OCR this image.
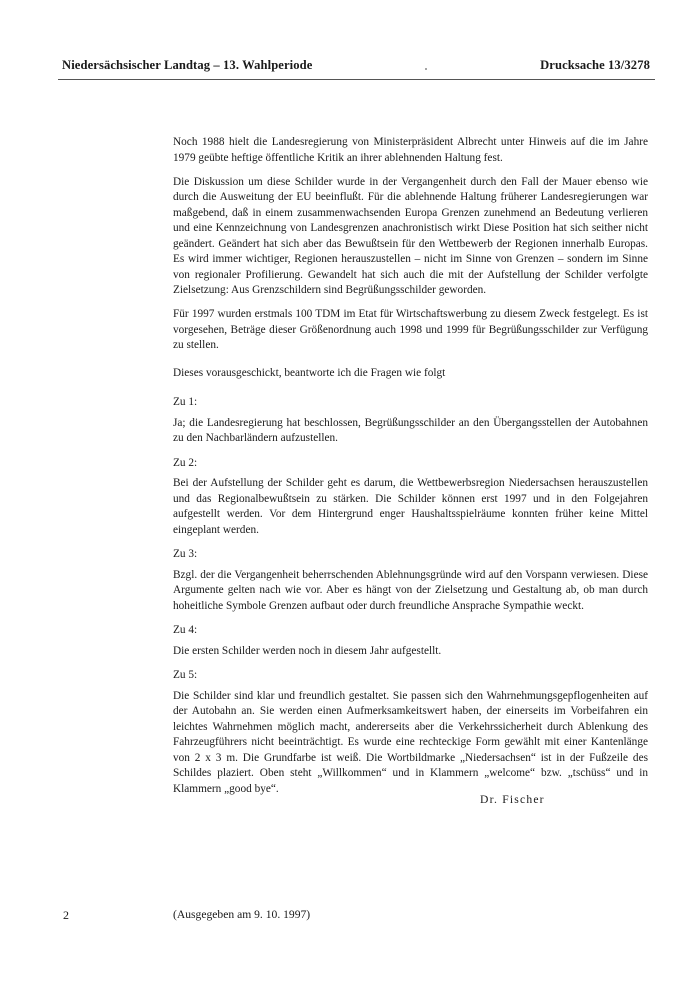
Niedersächsischer Landtag – 13. Wahlperiode	Drucksache 13/3278

Noch 1988 hielt die Landesregierung von Ministerpräsident Albrecht unter Hinweis auf die im Jahre 1979 geübte heftige öffentliche Kritik an ihrer ablehnenden Haltung fest.

Die Diskussion um diese Schilder wurde in der Vergangenheit durch den Fall der Mauer ebenso wie durch die Ausweitung der EU beeinflußt. Für die ablehnende Haltung früherer Landesregierungen war maßgebend, daß in einem zusammenwachsenden Europa Grenzen zunehmend an Bedeutung verlieren und eine Kennzeichnung von Landesgrenzen anachronistisch wirkt Diese Position hat sich seither nicht geändert. Geändert hat sich aber das Bewußtsein für den Wettbewerb der Regionen innerhalb Europas. Es wird immer wichtiger, Regionen herauszustellen – nicht im Sinne von Grenzen – sondern im Sinne von regionaler Profilierung. Gewandelt hat sich auch die mit der Aufstellung der Schilder verfolgte Zielsetzung: Aus Grenzschildern sind Begrüßungsschilder geworden.

Für 1997 wurden erstmals 100 TDM im Etat für Wirtschaftswerbung zu diesem Zweck festgelegt. Es ist vorgesehen, Beträge dieser Größenordnung auch 1998 und 1999 für Begrüßungsschilder zur Verfügung zu stellen.

Dieses vorausgeschickt, beantworte ich die Fragen wie folgt

Zu 1:

Ja; die Landesregierung hat beschlossen, Begrüßungsschilder an den Übergangsstellen der Autobahnen zu den Nachbarländern aufzustellen.

Zu 2:

Bei der Aufstellung der Schilder geht es darum, die Wettbewerbsregion Niedersachsen herauszustellen und das Regionalbewußtsein zu stärken. Die Schilder können erst 1997 und in den Folgejahren aufgestellt werden. Vor dem Hintergrund enger Haushaltsspielräume konnten früher keine Mittel eingeplant werden.

Zu 3:

Bzgl. der die Vergangenheit beherrschenden Ablehnungsgründe wird auf den Vorspann verwiesen. Diese Argumente gelten nach wie vor. Aber es hängt von der Zielsetzung und Gestaltung ab, ob man durch hoheitliche Symbole Grenzen aufbaut oder durch freundliche Ansprache Sympathie weckt.

Zu 4:

Die ersten Schilder werden noch in diesem Jahr aufgestellt.

Zu 5:

Die Schilder sind klar und freundlich gestaltet. Sie passen sich den Wahrnehmungsgepflogenheiten auf der Autobahn an. Sie werden einen Aufmerksamkeitswert haben, der einerseits im Vorbeifahren ein leichtes Wahrnehmen möglich macht, andererseits aber die Verkehrssicherheit durch Ablenkung des Fahrzeugführers nicht beeinträchtigt. Es wurde eine rechteckige Form gewählt mit einer Kantenlänge von 2 x 3 m. Die Grundfarbe ist weiß. Die Wortbildmarke „Niedersachsen“ ist in der Fußzeile des Schildes plaziert. Oben steht „Willkommen“ und in Klammern „welcome“ bzw. „tschüss“ und in Klammern „good bye“.

Dr. Fischer
2	(Ausgegeben am 9. 10. 1997)
